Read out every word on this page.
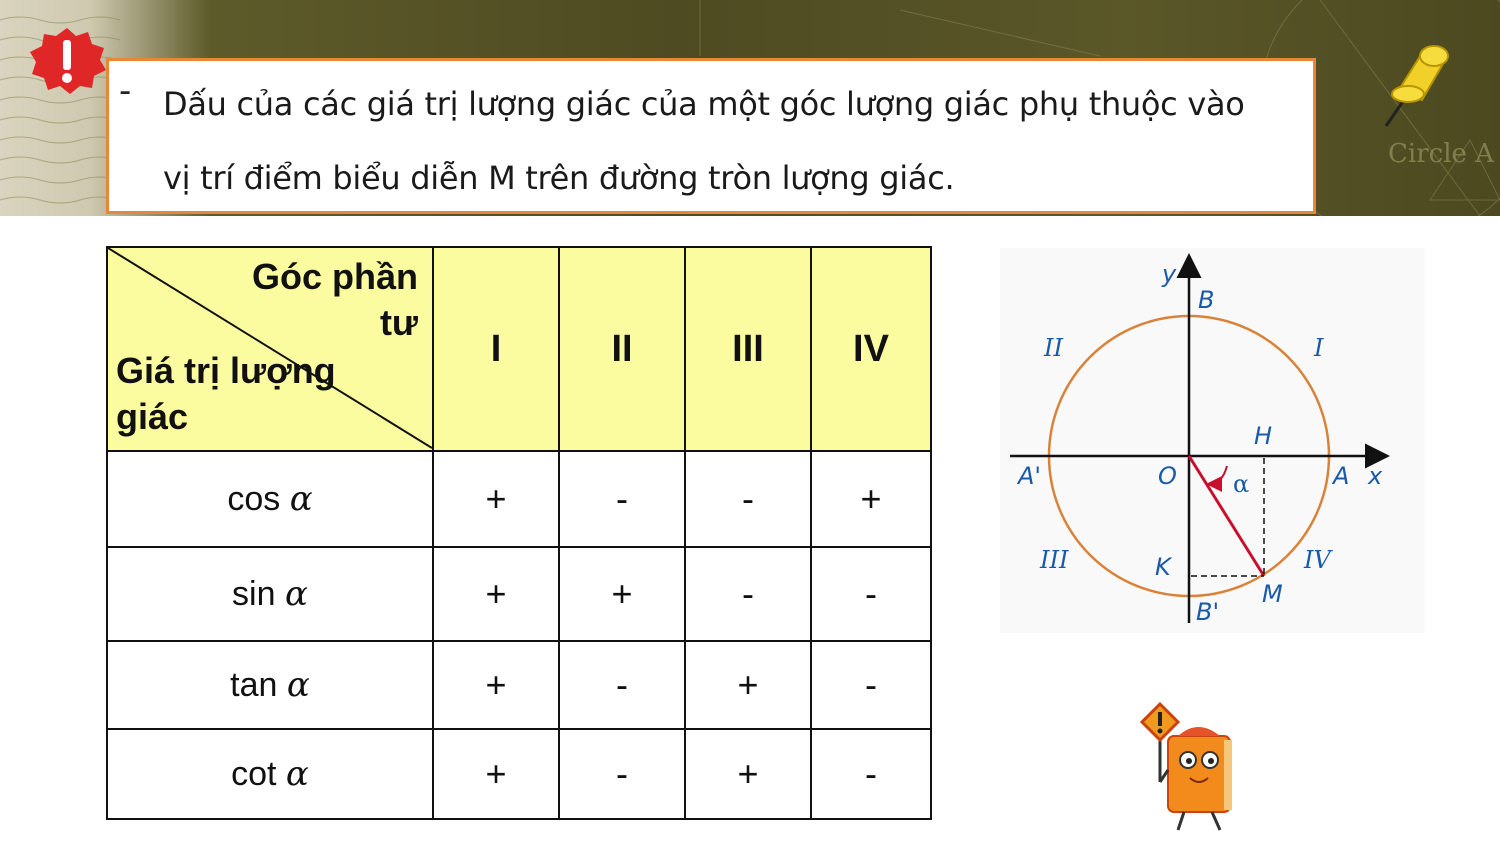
Circle A
- Dấu của các giá trị lượng giác của một góc lượng giác phụ thuộc vào
vị trí điểm biểu diễn M trên đường tròn lượng giác.
Góc phần tư
Giá trị lượng giác	I	II	III	IV
cos α	+	-	-	+
sin α	+	+	-	-
tan α	+	-	+	-
cot α	+	-	+	-
y
B
B'
A'	A x
O
H
K
M
α
II	I
III	IV
